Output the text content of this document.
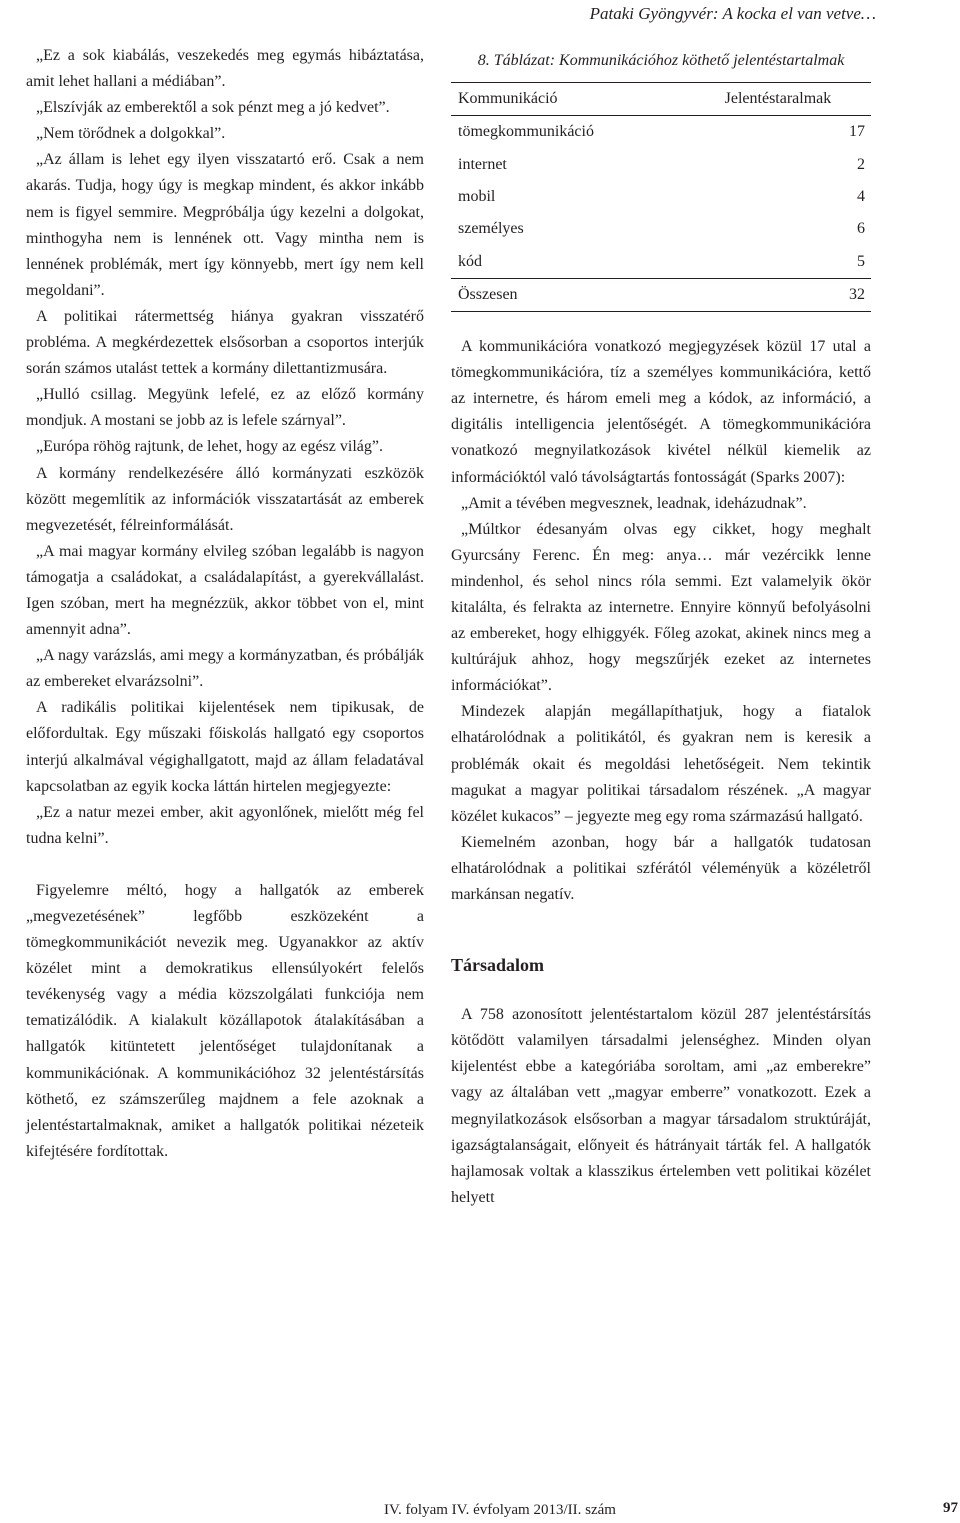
Pataki Gyöngyvér: A kocka el van vetve…

„Ez a sok kiabálás, veszekedés meg egymás hibáztatása, amit lehet hallani a médiában”.

„Elszívják az emberektől a sok pénzt meg a jó kedvet”.

„Nem törődnek a dolgokkal”.

„Az állam is lehet egy ilyen visszatartó erő. Csak a nem akarás. Tudja, hogy úgy is megkap mindent, és akkor inkább nem is figyel semmire. Megpróbálja úgy kezelni a dolgokat, minthogyha nem is lennének ott. Vagy mintha nem is lennének problémák, mert így könnyebb, mert így nem kell megoldani”.

A politikai rátermettség hiánya gyakran visszatérő probléma. A megkérdezettek elsősorban a csoportos interjúk során számos utalást tettek a kormány dilettantizmusára.

„Hulló csillag. Megyünk lefelé, ez az előző kormány mondjuk. A mostani se jobb az is lefele szárnyal”.

„Európa röhög rajtunk, de lehet, hogy az egész világ”.

A kormány rendelkezésére álló kormányzati eszközök között megemlítik az információk visszatartását az emberek megvezetését, félreinformálását.

„A mai magyar kormány elvileg szóban legalább is nagyon támogatja a családokat, a családalapítást, a gyerekvállalást. Igen szóban, mert ha megnézzük, akkor többet von el, mint amennyit adna”.

„A nagy varázslás, ami megy a kormányzatban, és próbálják az embereket elvarázsolni”.

A radikális politikai kijelentések nem tipikusak, de előfordultak. Egy műszaki főiskolás hallgató egy csoportos interjú alkalmával végighallgatott, majd az állam feladatával kapcsolatban az egyik kocka láttán hirtelen megjegyezte:

„Ez a natur mezei ember, akit agyonlőnek, mielőtt még fel tudna kelni”.

Figyelemre méltó, hogy a hallgatók az emberek „megvezetésének” legfőbb eszközeként a tömegkommunikációt nevezik meg. Ugyanakkor az aktív közélet mint a demokratikus ellensúlyokért felelős tevékenység vagy a média közszolgálati funkciója nem tematizálódik. A kialakult közállapotok átalakításában a hallgatók kitüntetett jelentőséget tulajdonítanak a kommunikációnak. A kommunikációhoz 32 jelentéstársítás köthető, ez számszerűleg majdnem a fele azoknak a jelentéstartalmaknak, amiket a hallgatók politikai nézeteik kifejtésére fordítottak.

8. Táblázat: Kommunikációhoz köthető jelentéstartalmak
Kommunikáció	Jelentéstaralmak
tömegkommunikáció	17
internet	2
mobil	4
személyes	6
kód	5
Összesen	32

A kommunikációra vonatkozó megjegyzések közül 17 utal a tömegkommunikációra, tíz a személyes kommunikációra, kettő az internetre, és három emeli meg a kódok, az információ, a digitális intelligencia jelentőségét. A tömegkommunikációra vonatkozó megnyilatkozások kivétel nélkül kiemelik az információktól való távolságtartás fontosságát (Sparks 2007):

„Amit a tévében megvesznek, leadnak, ideházudnak”.

„Múltkor édesanyám olvas egy cikket, hogy meghalt Gyurcsány Ferenc. Én meg: anya… már vezércikk lenne mindenhol, és sehol nincs róla semmi. Ezt valamelyik ökör kitalálta, és felrakta az internetre. Ennyire könnyű befolyásolni az embereket, hogy elhiggyék. Főleg azokat, akinek nincs meg a kultúrájuk ahhoz, hogy megszűrjék ezeket az internetes információkat”.

Mindezek alapján megállapíthatjuk, hogy a fiatalok elhatárolódnak a politikától, és gyakran nem is keresik a problémák okait és megoldási lehetőségeit. Nem tekintik magukat a magyar politikai társadalom részének. „A magyar közélet kukacos” – jegyezte meg egy roma származású hallgató.

Kiemelném azonban, hogy bár a hallgatók tudatosan elhatárolódnak a politikai szférától véleményük a közéletről markánsan negatív.

Társadalom

A 758 azonosított jelentéstartalom közül 287 jelentéstársítás kötődött valamilyen társadalmi jelenséghez. Minden olyan kijelentést ebbe a kategóriába soroltam, ami „az emberekre” vagy az általában vett „magyar emberre” vonatkozott. Ezek a megnyilatkozások elsősorban a magyar társadalom struktúráját, igazságtalanságait, előnyeit és hátrányait tárták fel. A hallgatók hajlamosak voltak a klasszikus értelemben vett politikai közélet helyett

IV. folyam IV. évfolyam 2013/II. szám	97
